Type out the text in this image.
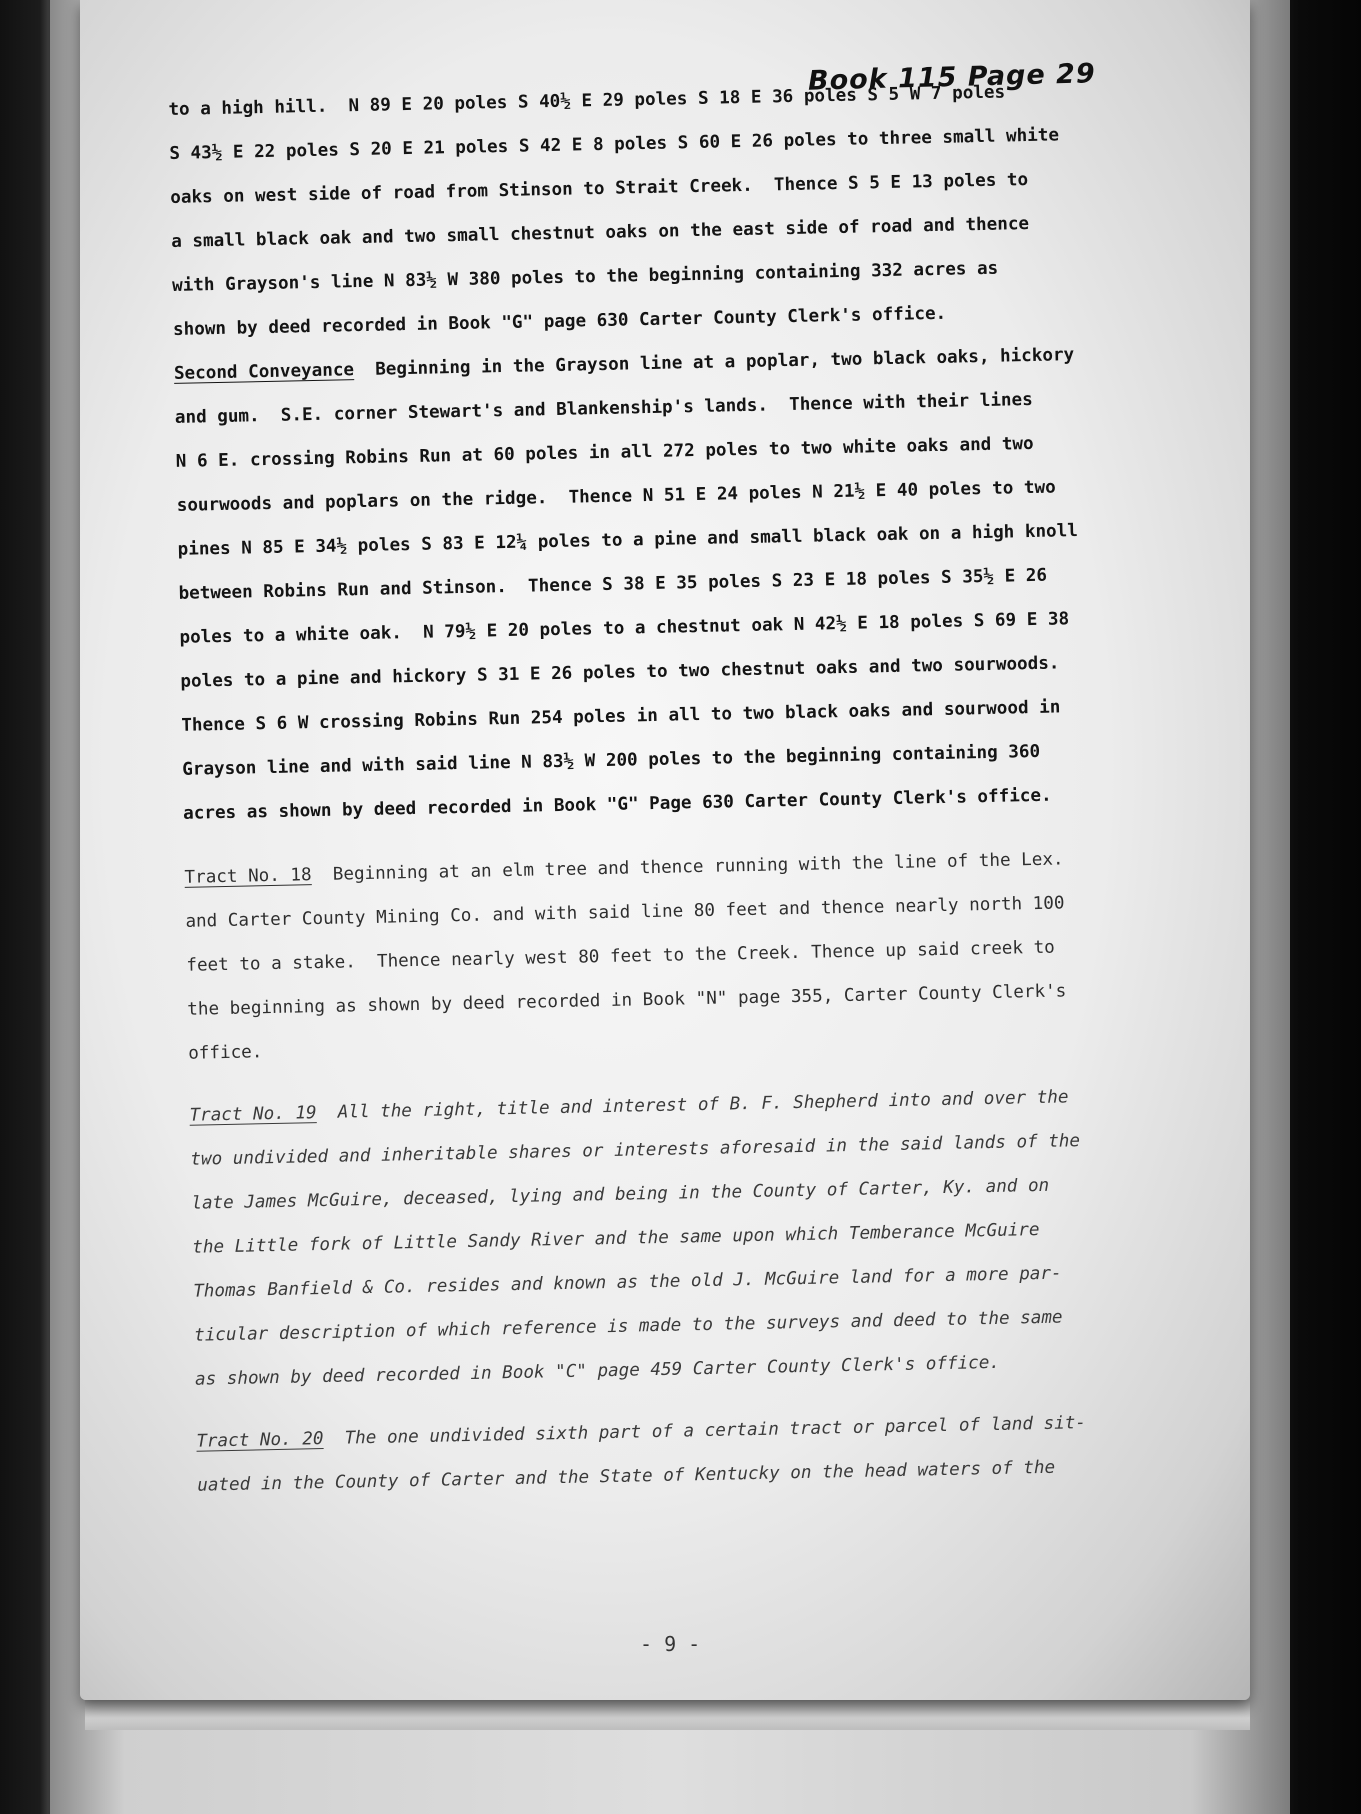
Book 115 Page 29
to a high hill.  N 89 E 20 poles S 40½ E 29 poles S 18 E 36 poles S 5 W 7 poles
S 43½ E 22 poles S 20 E 21 poles S 42 E 8 poles S 60 E 26 poles to three small white
oaks on west side of road from Stinson to Strait Creek.  Thence S 5 E 13 poles to
a small black oak and two small chestnut oaks on the east side of road and thence
with Grayson's line N 83½ W 380 poles to the beginning containing 332 acres as
shown by deed recorded in Book "G" page 630 Carter County Clerk's office.
Second Conveyance  Beginning in the Grayson line at a poplar, two black oaks, hickory
and gum.  S.E. corner Stewart's and Blankenship's lands.  Thence with their lines
N 6 E. crossing Robins Run at 60 poles in all 272 poles to two white oaks and two
sourwoods and poplars on the ridge.  Thence N 51 E 24 poles N 21½ E 40 poles to two
pines N 85 E 34½ poles S 83 E 12¼ poles to a pine and small black oak on a high knoll
between Robins Run and Stinson.  Thence S 38 E 35 poles S 23 E 18 poles S 35½ E 26
poles to a white oak.  N 79½ E 20 poles to a chestnut oak N 42½ E 18 poles S 69 E 38
poles to a pine and hickory S 31 E 26 poles to two chestnut oaks and two sourwoods.
Thence S 6 W crossing Robins Run 254 poles in all to two black oaks and sourwood in
Grayson line and with said line N 83½ W 200 poles to the beginning containing 360
acres as shown by deed recorded in Book "G" Page 630 Carter County Clerk's office.
Tract No. 18  Beginning at an elm tree and thence running with the line of the Lex.
and Carter County Mining Co. and with said line 80 feet and thence nearly north 100
feet to a stake.  Thence nearly west 80 feet to the Creek. Thence up said creek to
the beginning as shown by deed recorded in Book "N" page 355, Carter County Clerk's
office.
Tract No. 19  All the right, title and interest of B. F. Shepherd into and over the
two undivided and inheritable shares or interests aforesaid in the said lands of the
late James McGuire, deceased, lying and being in the County of Carter, Ky. and on
the Little fork of Little Sandy River and the same upon which Temberance McGuire
Thomas Banfield & Co. resides and known as the old J. McGuire land for a more par-
ticular description of which reference is made to the surveys and deed to the same
as shown by deed recorded in Book "C" page 459 Carter County Clerk's office.
Tract No. 20  The one undivided sixth part of a certain tract or parcel of land sit-
uated in the County of Carter and the State of Kentucky on the head waters of the
- 9 -
